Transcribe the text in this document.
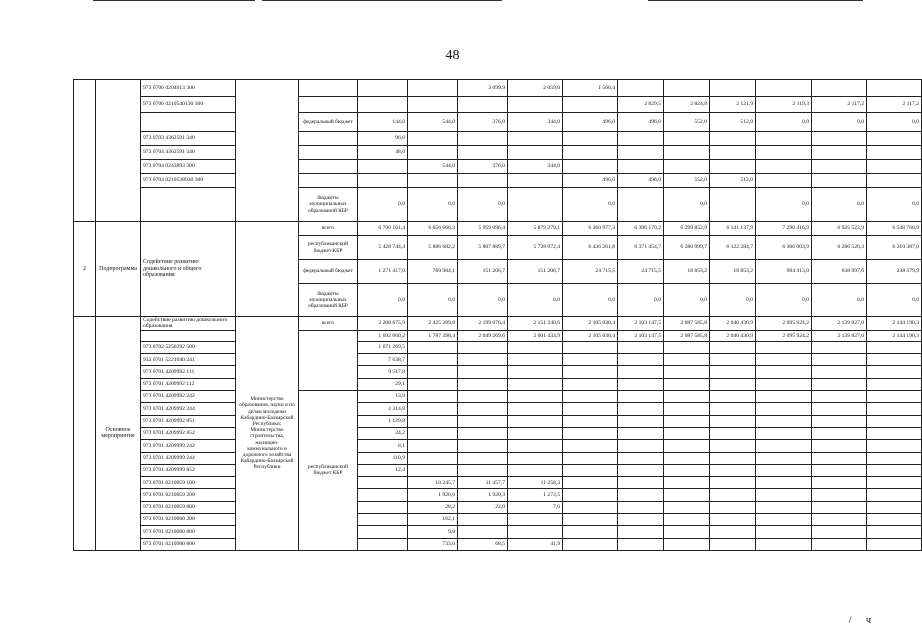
48
		973 0706 0204013 300					3 699,9	2 059,0	1 560,4							
		973 0706 0210540130 300								2 829,5	2 824,8	2 121,9	2 119,3	2 117,2	2 117,2	
				федеральный бюджет	144,0	544,0	376,0	344,0	496,0	496,0	552,0	512,0	0,0	0,0	0,0	
		973 0703 4362591 340			96,0											
		973 0704 4362591 340			48,0											
		973 0704 0243893 300				544,0	376,0	344,0								
		973 0704 0210538930 300							496,0	496,0	552,0	512,0				
				бюджеты муниципальных образований КБР	0,0	0,0	0,0		0,0		0,0		0,0	0,0	0,0	
2	Подпрограмма	Содействие развитию дошкольного и общего образования		всего	6 700 161,4	6 656 666,3	5 959 096,4	5 879 279,1	6 460 977,3	6 396 170,2	6 299 852,9	6 141 137,9	7 290 416,9	6 925 523,9	6 548 766,9	
				республиканский бюджет КБР	5 428 744,4	5 886 682,2	5 807 889,7	5 728 072,4	6 436 261,8	6 371 454,7	6 280 999,7	6 122 284,7	6 306 003,9	6 286 526,3	6 310 387,0	
				федеральный бюджет	1 271 417,0	769 984,1	151 206,7	151 206,7	24 715,5	24 715,5	18 853,2	18 853,2	984 413,0	638 997,6	238 379,9	
				бюджеты муниципальных образований КБР	0,0	0,0	0,0	0,0	0,0	0,0	0,0	0,0	0,0	0,0	0,0	
	Основное мероприятие	Содействие развитию дошкольного образования	Министерство образования, науки и по делам молодежи Кабардино-Балкарской Республики; Министерство строительства, жилищно-коммунального и дорожного хозяйства Кабардино-Балкарской Республики	всего	2 208 675,9	2 425 289,8	2 199 076,4	2 151 240,6	2 105 030,4	2 103 147,5	2 087 585,8	2 040 430,9	2 095 924,2	2 139 827,0	2 144 190,3	
					1 692 060,2	1 787 398,4	2 049 269,6	2 001 433,9	2 105 030,4	2 103 147,5	2 087 585,8	2 040 430,9	2 095 924,2	2 139 827,0	2 144 190,3	
		973 0702 5250292 500			1 671 269,5											
		932 0701 5221040 241			7 638,7											
		973 0701 4209992 111			9 517,8											
		973 0701 4209992 112			29,1											
		973 0701 4209992 242		республиканский бюджет КБР	13,9											
		973 0701 4209992 244			2 314,8											
		973 0701 4209992 851			1 129,8											
		973 0701 4209992 852			24,2											
		973 0701 4209999 242			8,1											
		973 0701 4209999 244			110,9											
		973 0701 4209999 852			12,4											
		973 0701 0210059 100				10 245,7	11 457,7	11 258,3								
		973 0701 0210059 200				1 920,6	1 920,3	1 273,5								
		973 0701 0210059 800				28,2	22,0	7,6								
		973 0701 0210060 200				162,1										
		973 0701 0210060 800				9,8										
		973 0701 0210900 800				733,6	68,5	41,9								
/ ч
